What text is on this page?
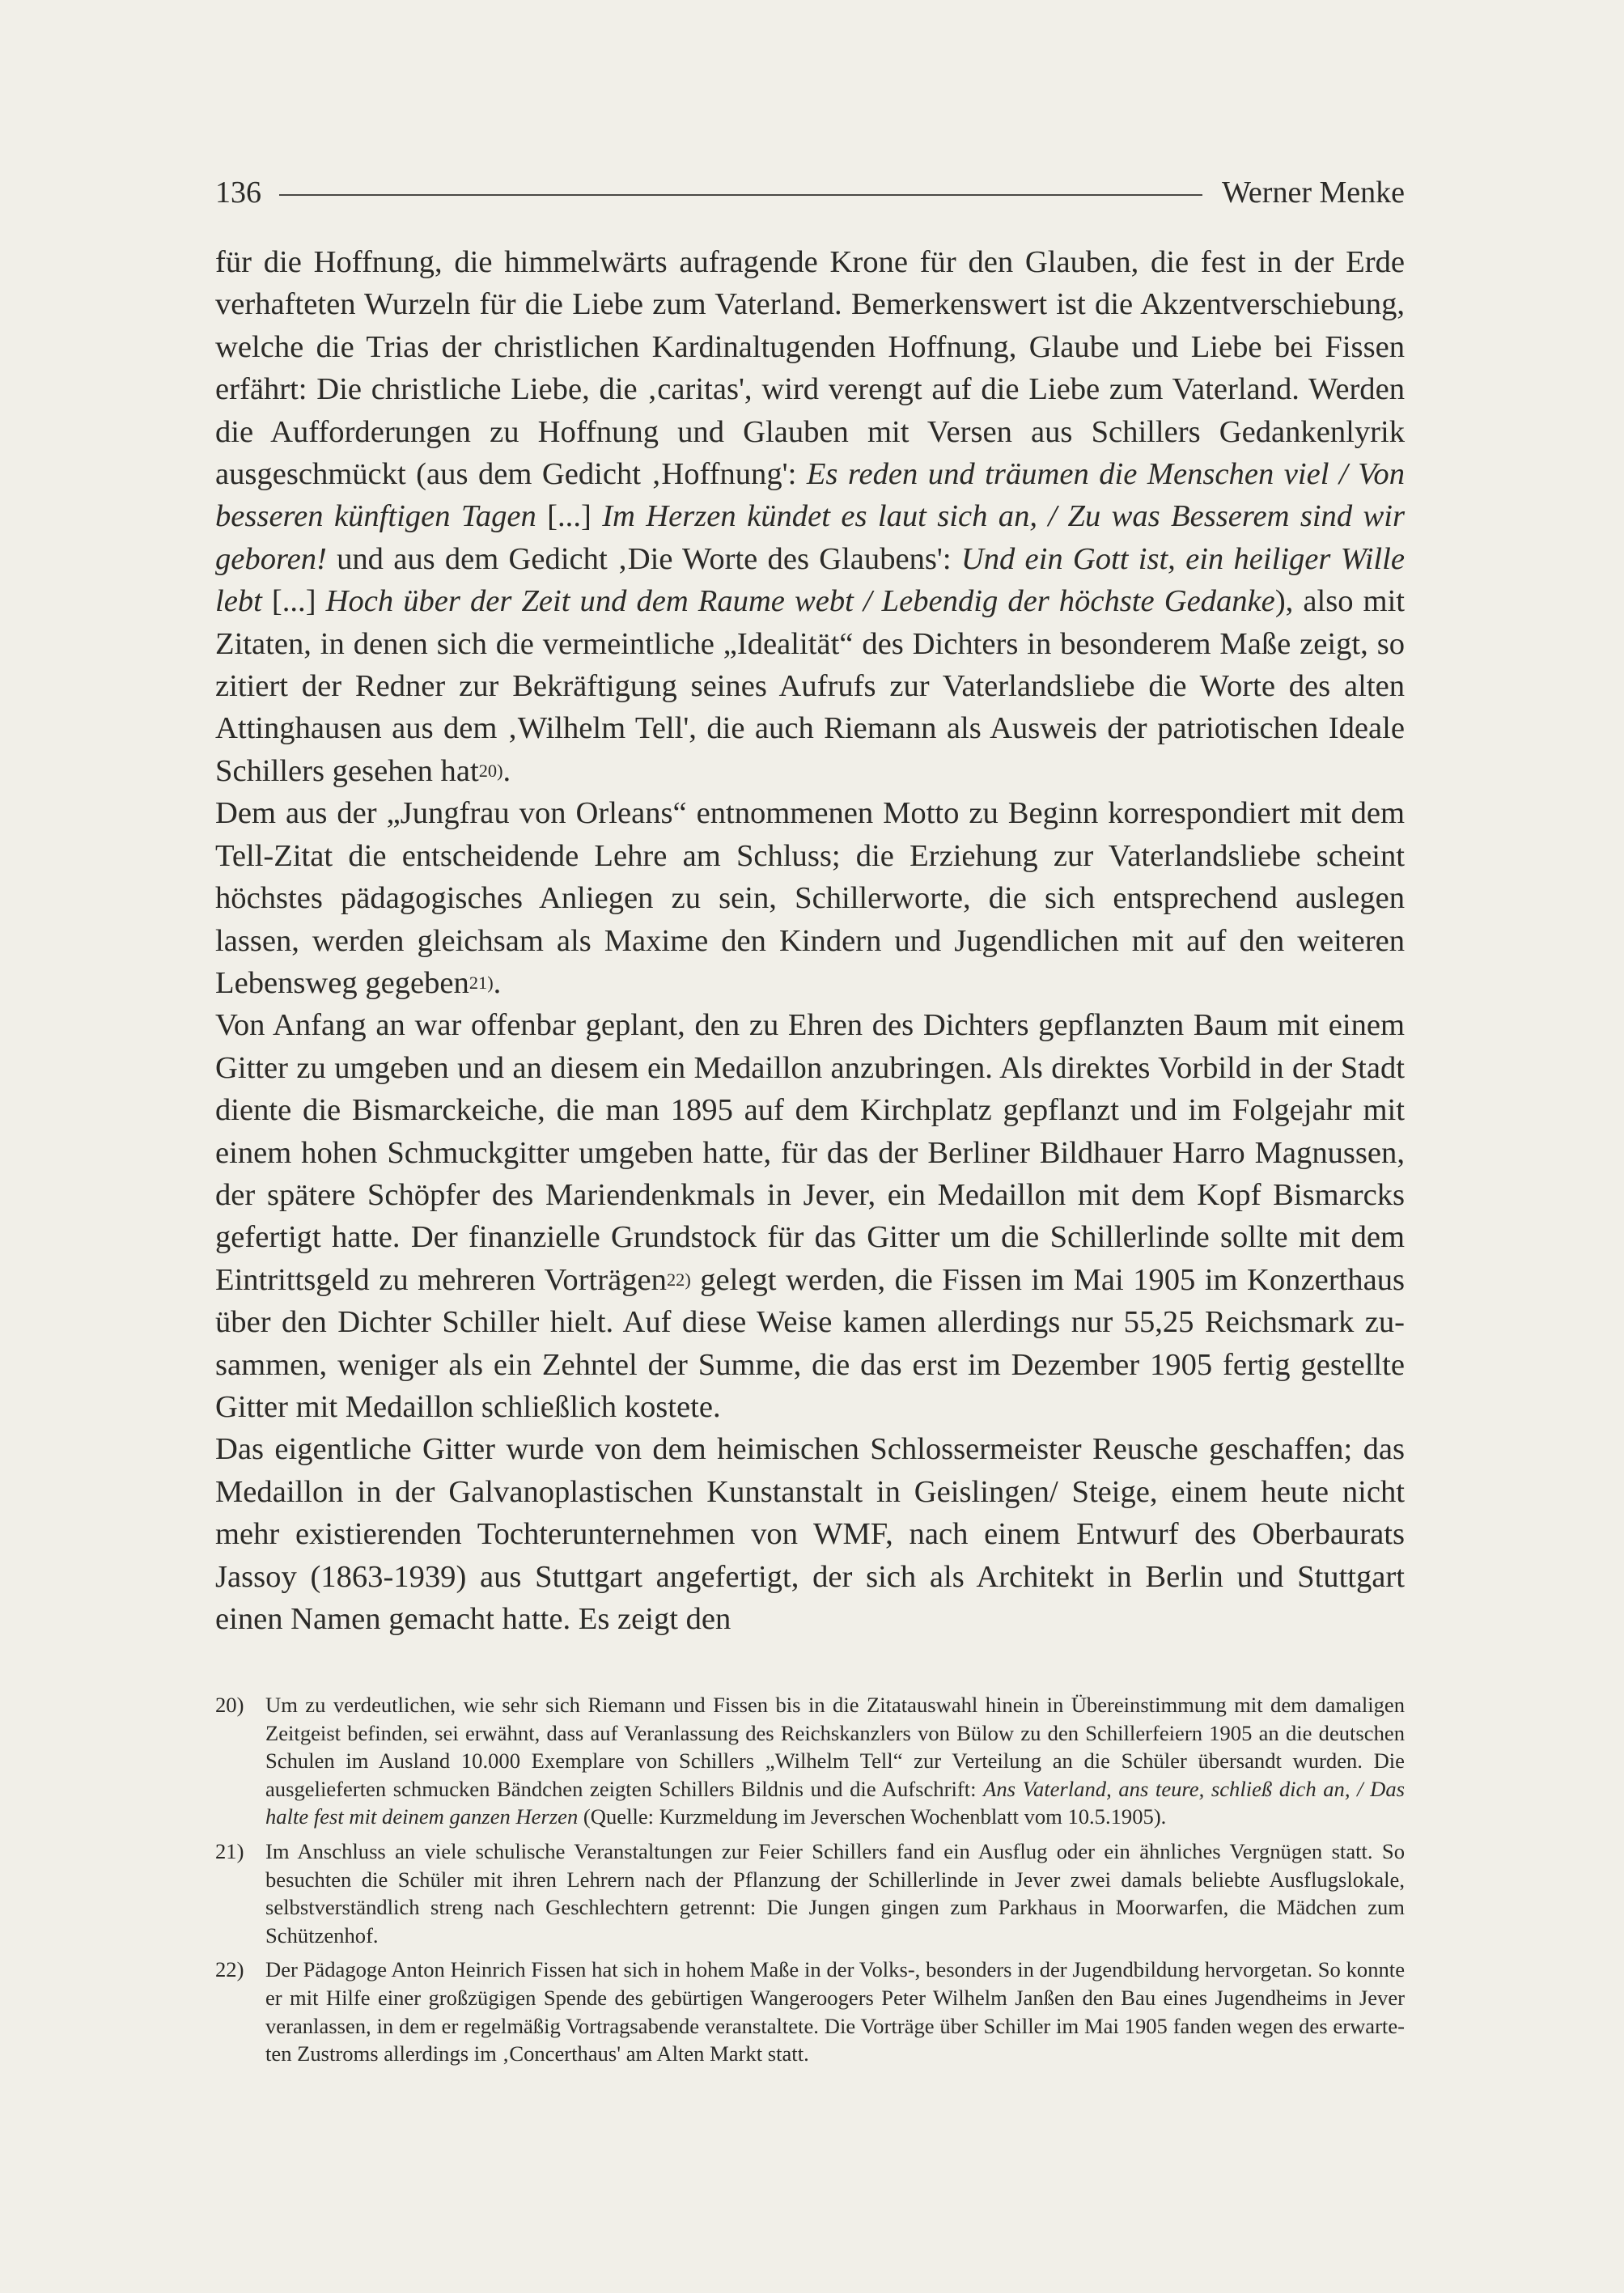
136	Werner Menke

für die Hoffnung, die himmelwärts aufragende Krone für den Glauben, die fest in der Erde verhafteten Wurzeln für die Liebe zum Vaterland. Bemerkenswert ist die Akzentverschiebung, welche die Trias der christlichen Kardinaltugenden Hoffnung, Glaube und Liebe bei Fissen erfährt: Die christliche Liebe, die ‚caritas', wird verengt auf die Liebe zum Vaterland. Werden die Aufforderungen zu Hoffnung und Glauben mit Versen aus Schillers Gedankenlyrik ausgeschmückt (aus dem Gedicht ‚Hoffnung': Es reden und träumen die Menschen viel / Von besseren künftigen Tagen [...] Im Herzen kündet es laut sich an, / Zu was Besserem sind wir geboren! und aus dem Gedicht ‚Die Worte des Glaubens': Und ein Gott ist, ein heiliger Wille lebt [...] Hoch über der Zeit und dem Raume webt / Lebendig der höchste Gedanke), also mit Zitaten, in denen sich die vermeintliche „Idealität“ des Dichters in besonderem Maße zeigt, so zitiert der Redner zur Bekräftigung seines Aufrufs zur Vaterlandsliebe die Worte des alten Attinghausen aus dem ‚Wilhelm Tell', die auch Riemann als Ausweis der patriotischen Ideale Schillers gesehen hat$^{20)}$.

Dem aus der „Jungfrau von Orleans“ entnommenen Motto zu Beginn korrespondiert mit dem Tell-Zitat die entscheidende Lehre am Schluss; die Erziehung zur Vaterlandsliebe scheint höchstes pädagogisches Anliegen zu sein, Schillerworte, die sich entsprechend auslegen lassen, werden gleichsam als Maxime den Kindern und Jugendlichen mit auf den weiteren Lebensweg gegeben$^{21)}$.

Von Anfang an war offenbar geplant, den zu Ehren des Dichters gepflanzten Baum mit einem Gitter zu umgeben und an diesem ein Medaillon anzubringen. Als direktes Vorbild in der Stadt diente die Bismarckeiche, die man 1895 auf dem Kirchplatz gepflanzt und im Folgejahr mit einem hohen Schmuckgitter umgeben hatte, für das der Berliner Bildhauer Harro Magnussen, der spätere Schöpfer des Mariendenkmals in Jever, ein Medaillon mit dem Kopf Bismarcks gefertigt hatte. Der finanzielle Grundstock für das Gitter um die Schillerlinde sollte mit dem Eintrittsgeld zu mehreren Vorträgen$^{22)}$ gelegt werden, die Fissen im Mai 1905 im Konzerthaus über den Dichter Schiller hielt. Auf diese Weise kamen allerdings nur 55,25 Reichsmark zusammen, weniger als ein Zehntel der Summe, die das erst im Dezember 1905 fertig gestellte Gitter mit Medaillon schließlich kostete.

Das eigentliche Gitter wurde von dem heimischen Schlossermeister Reusche geschaffen; das Medaillon in der Galvanoplastischen Kunstanstalt in Geislingen/ Steige, einem heute nicht mehr existierenden Tochterunternehmen von WMF, nach einem Entwurf des Oberbaurats Jassoy (1863-1939) aus Stuttgart angefertigt, der sich als Architekt in Berlin und Stuttgart einen Namen gemacht hatte. Es zeigt den

20) Um zu verdeutlichen, wie sehr sich Riemann und Fissen bis in die Zitatauswahl hinein in Übereinstimmung mit dem damaligen Zeitgeist befinden, sei erwähnt, dass auf Veranlassung des Reichskanzlers von Bülow zu den Schillerfeiern 1905 an die deutschen Schulen im Ausland 10.000 Exemplare von Schillers „Wilhelm Tell“ zur Verteilung an die Schüler übersandt wurden. Die ausgelieferten schmucken Bändchen zeigten Schillers Bildnis und die Aufschrift: Ans Vaterland, ans teure, schließ dich an, / Das halte fest mit deinem ganzen Herzen (Quelle: Kurzmeldung im Jeverschen Wochenblatt vom 10.5.1905).
21) Im Anschluss an viele schulische Veranstaltungen zur Feier Schillers fand ein Ausflug oder ein ähnliches Vergnügen statt. So besuchten die Schüler mit ihren Lehrern nach der Pflanzung der Schillerlinde in Jever zwei damals beliebte Ausflugslokale, selbstverständlich streng nach Geschlechtern getrennt: Die Jungen gingen zum Parkhaus in Moorwarfen, die Mädchen zum Schützenhof.
22) Der Pädagoge Anton Heinrich Fissen hat sich in hohem Maße in der Volks-, besonders in der Jugendbildung hervorgetan. So konnte er mit Hilfe einer großzügigen Spende des gebürtigen Wangeroogers Peter Wilhelm Janßen den Bau eines Jugendheims in Jever veranlassen, in dem er regelmäßig Vortragsabende veranstaltete. Die Vorträge über Schiller im Mai 1905 fanden wegen des erwarteten Zustroms allerdings im ‚Concerthaus' am Alten Markt statt.
